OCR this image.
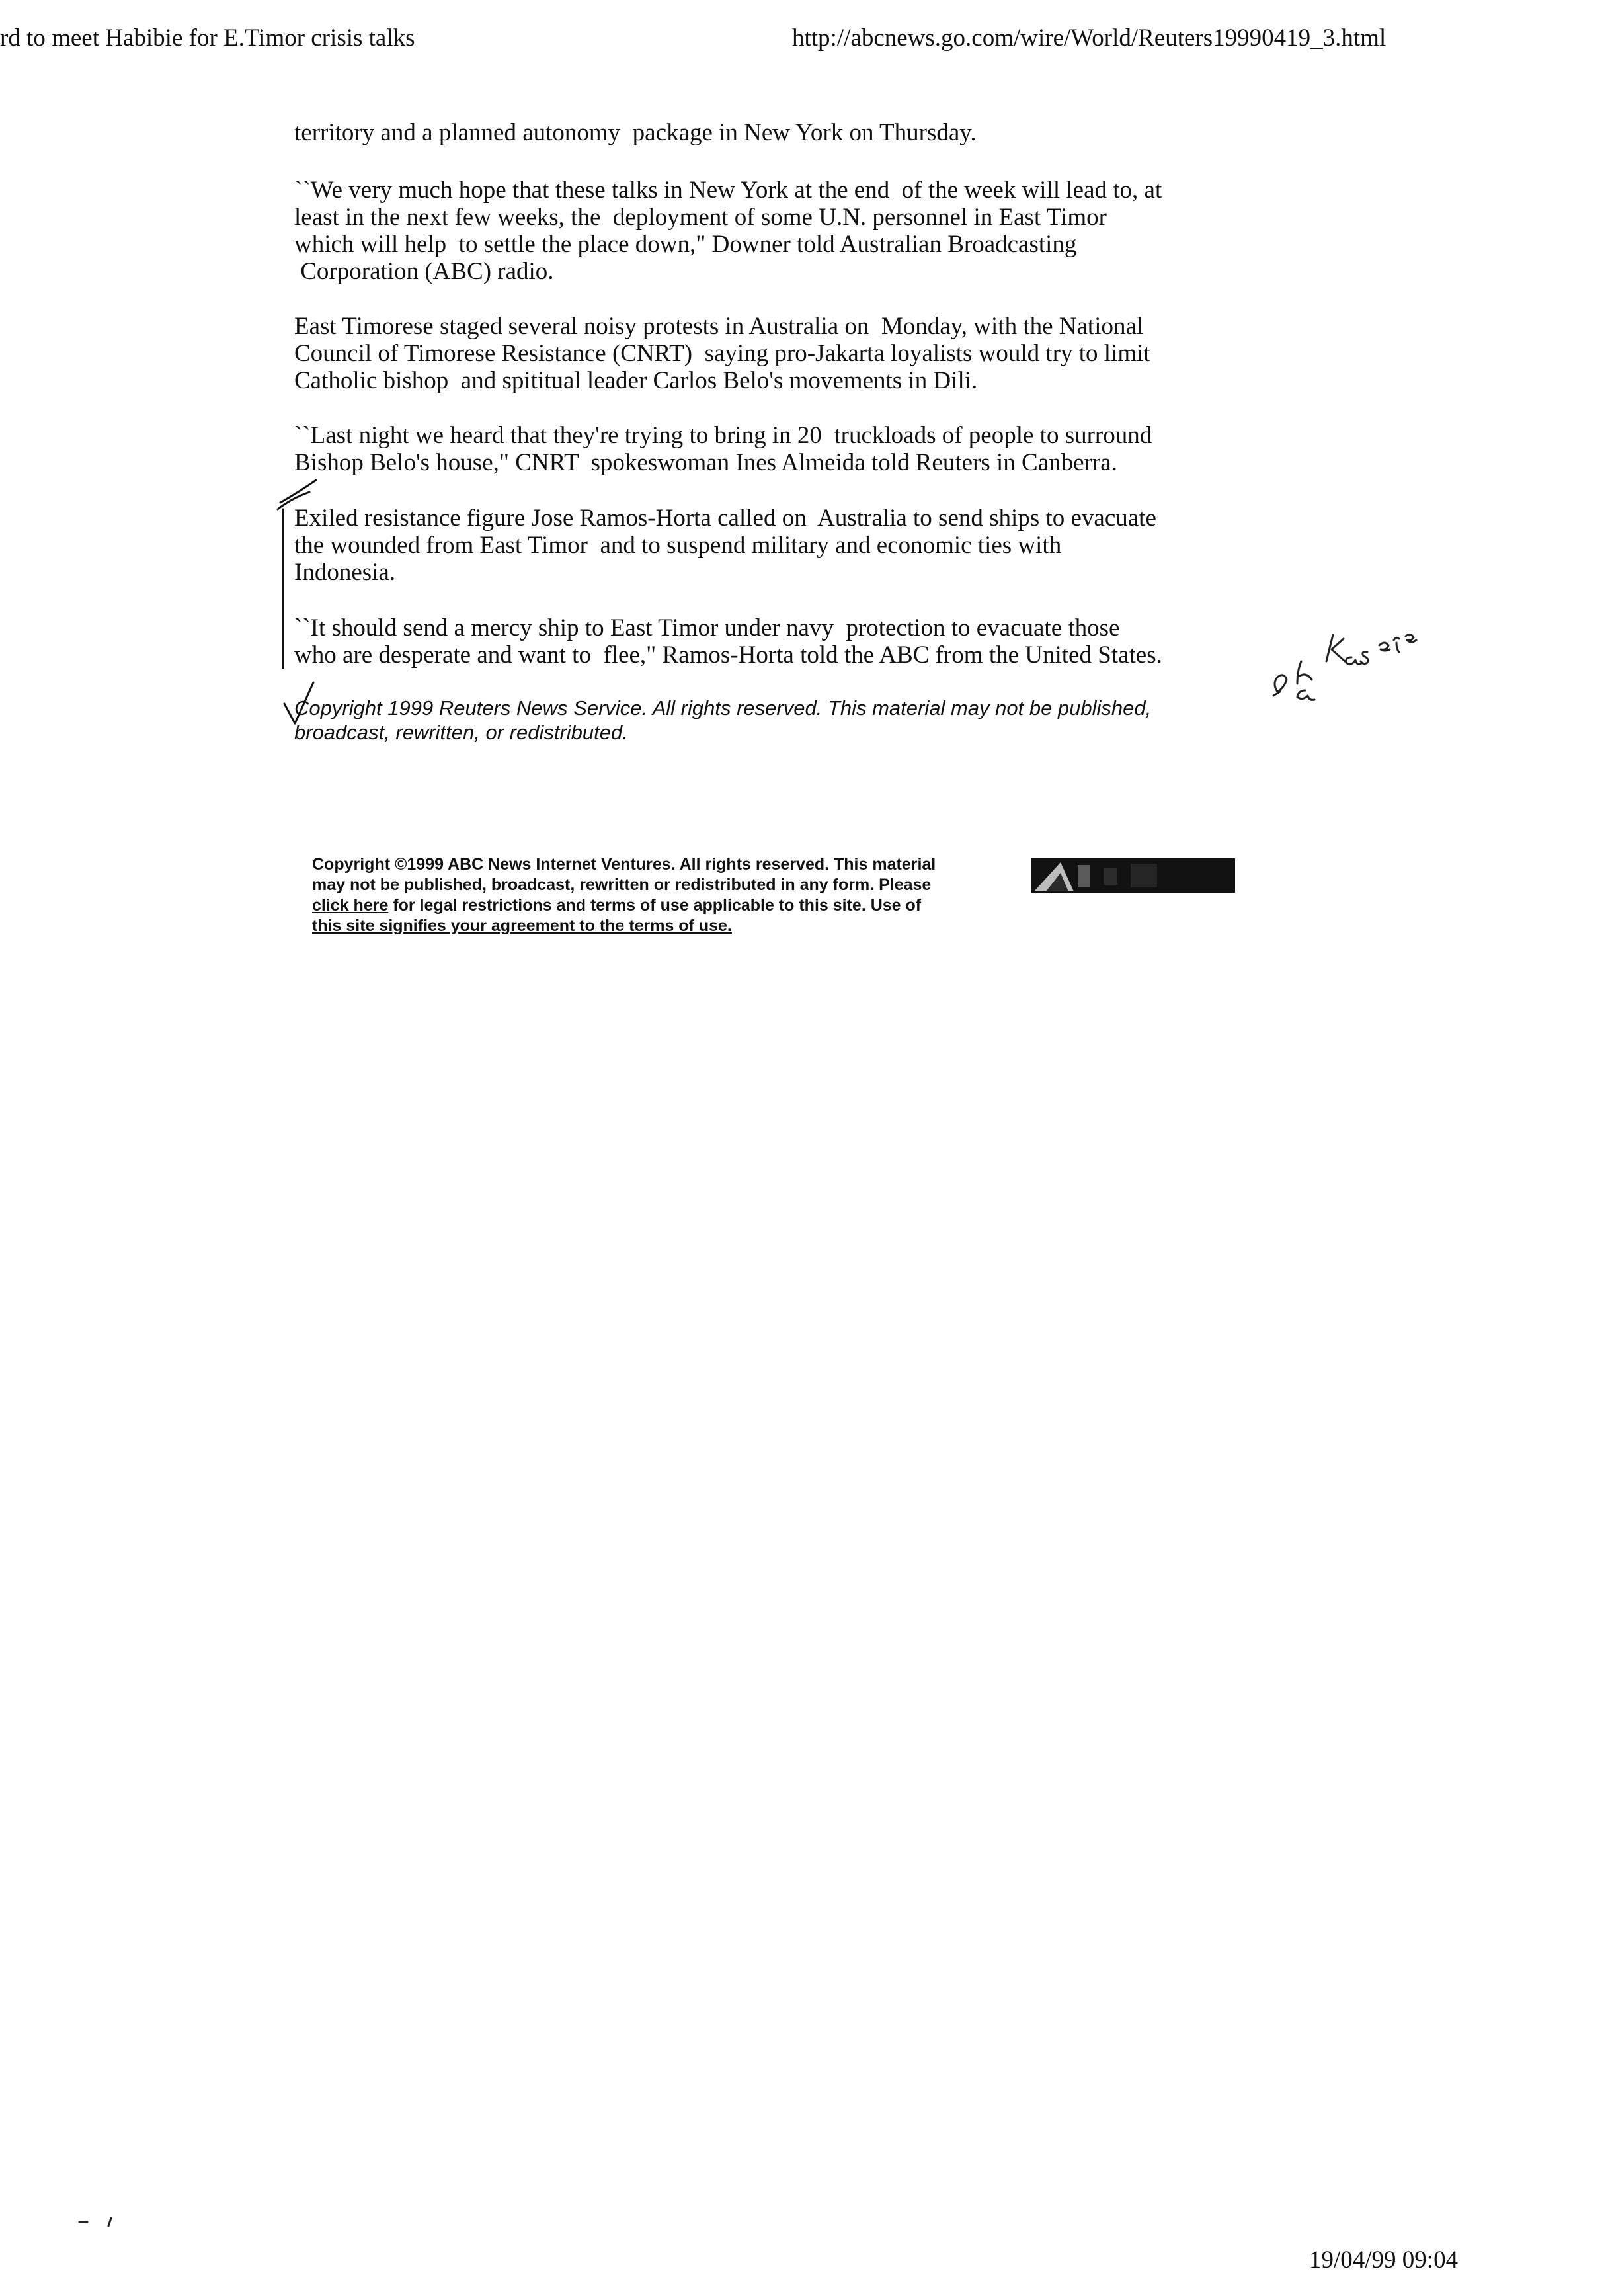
rd to meet Habibie for E.Timor crisis talks	http://abcnews.go.com/wire/World/Reuters19990419_3.html

territory and a planned autonomy  package in New York on Thursday.

``We very much hope that these talks in New York at the end  of the week will lead to, at
least in the next few weeks, the  deployment of some U.N. personnel in East Timor
which will help  to settle the place down," Downer told Australian Broadcasting
Corporation (ABC) radio.

East Timorese staged several noisy protests in Australia on  Monday, with the National
Council of Timorese Resistance (CNRT)  saying pro-Jakarta loyalists would try to limit
Catholic bishop  and spititual leader Carlos Belo's movements in Dili.

``Last night we heard that they're trying to bring in 20  truckloads of people to surround
Bishop Belo's house," CNRT  spokeswoman Ines Almeida told Reuters in Canberra.

Exiled resistance figure Jose Ramos-Horta called on  Australia to send ships to evacuate
the wounded from East Timor  and to suspend military and economic ties with
Indonesia.

``It should send a mercy ship to East Timor under navy  protection to evacuate those
who are desperate and want to  flee," Ramos-Horta told the ABC from the United States.

Copyright 1999 Reuters News Service. All rights reserved. This material may not be published,
broadcast, rewritten, or redistributed.

Copyright ©1999 ABC News Internet Ventures. All rights reserved. This material
may not be published, broadcast, rewritten or redistributed in any form. Please
click here for legal restrictions and terms of use applicable to this site. Use of
this site signifies your agreement to the terms of use.
19/04/99 09:04
